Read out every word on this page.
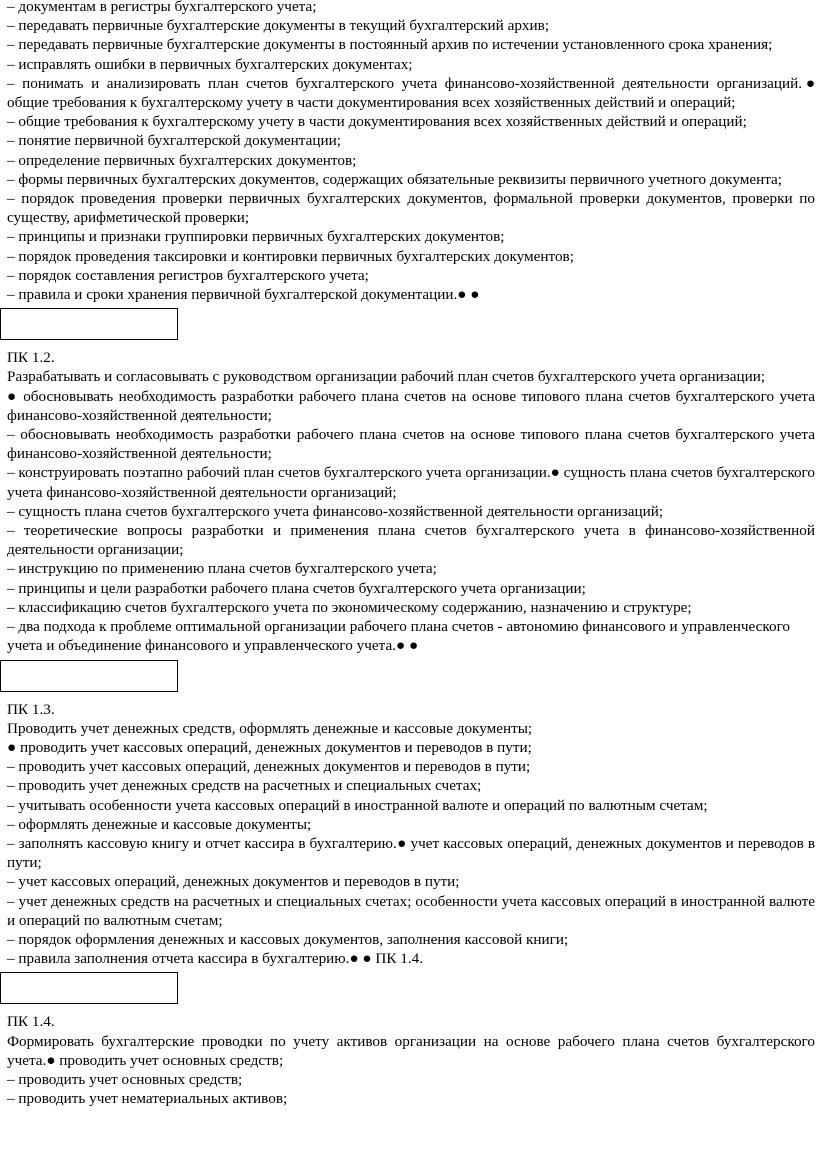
– документам в регистры бухгалтерского учета;

– передавать первичные бухгалтерские документы в текущий бухгалтерский архив;

– передавать первичные бухгалтерские документы в постоянный архив по истечении установленного срока хранения;

– исправлять ошибки в первичных бухгалтерских документах;

– понимать и анализировать план счетов бухгалтерского учета финансово-хозяйственной деятельности организаций.● общие требования к бухгалтерскому учету в части документирования всех хозяйственных действий и операций;

– общие требования к бухгалтерскому учету в части документирования всех хозяйственных действий и операций;

– понятие первичной бухгалтерской документации;

– определение первичных бухгалтерских документов;

– формы первичных бухгалтерских документов, содержащих обязательные реквизиты первичного учетного документа;

– порядок проведения проверки первичных бухгалтерских документов, формальной проверки документов, проверки по существу, арифметической проверки;

– принципы и признаки группировки первичных бухгалтерских документов;

– порядок проведения таксировки и контировки первичных бухгалтерских документов;

– порядок составления регистров бухгалтерского учета;

– правила и сроки хранения первичной бухгалтерской документации.● ●

ПК 1.2.

Разрабатывать и согласовывать с руководством организации рабочий план счетов бухгалтерского учета организации;

● обосновывать необходимость разработки рабочего плана счетов на основе типового плана счетов бухгалтерского учета финансово-хозяйственной деятельности;

– обосновывать необходимость разработки рабочего плана счетов на основе типового плана счетов бухгалтерского учета финансово-хозяйственной деятельности;

– конструировать поэтапно рабочий план счетов бухгалтерского учета организации.● сущность плана счетов бухгалтерского учета финансово-хозяйственной деятельности организаций;

– сущность плана счетов бухгалтерского учета финансово-хозяйственной деятельности организаций;

– теоретические вопросы разработки и применения плана счетов бухгалтерского учета в финансово-хозяйственной деятельности организации;

– инструкцию по применению плана счетов бухгалтерского учета;

– принципы и цели разработки рабочего плана счетов бухгалтерского учета организации;

– классификацию счетов бухгалтерского учета по экономическому содержанию, назначению и структуре;

– два подхода к проблеме оптимальной организации рабочего плана счетов - автономию финансового и управленческого учета и объединение финансового и управленческого учета.● ●

ПК 1.3.

Проводить учет денежных средств, оформлять денежные и кассовые документы;

● проводить учет кассовых операций, денежных документов и переводов в пути;

– проводить учет кассовых операций, денежных документов и переводов в пути;

– проводить учет денежных средств на расчетных и специальных счетах;

– учитывать особенности учета кассовых операций в иностранной валюте и операций по валютным счетам;

– оформлять денежные и кассовые документы;

– заполнять кассовую книгу и отчет кассира в бухгалтерию.● учет кассовых операций, денежных документов и переводов в пути;

– учет кассовых операций, денежных документов и переводов в пути;

– учет денежных средств на расчетных и специальных счетах; особенности учета кассовых операций в иностранной валюте и операций по валютным счетам;

– порядок оформления денежных и кассовых документов, заполнения кассовой книги;

– правила заполнения отчета кассира в бухгалтерию.● ● ПК 1.4.

ПК 1.4.

Формировать бухгалтерские проводки по учету активов организации на основе рабочего плана счетов бухгалтерского учета.● проводить учет основных средств;

– проводить учет основных средств;

– проводить учет нематериальных активов;
